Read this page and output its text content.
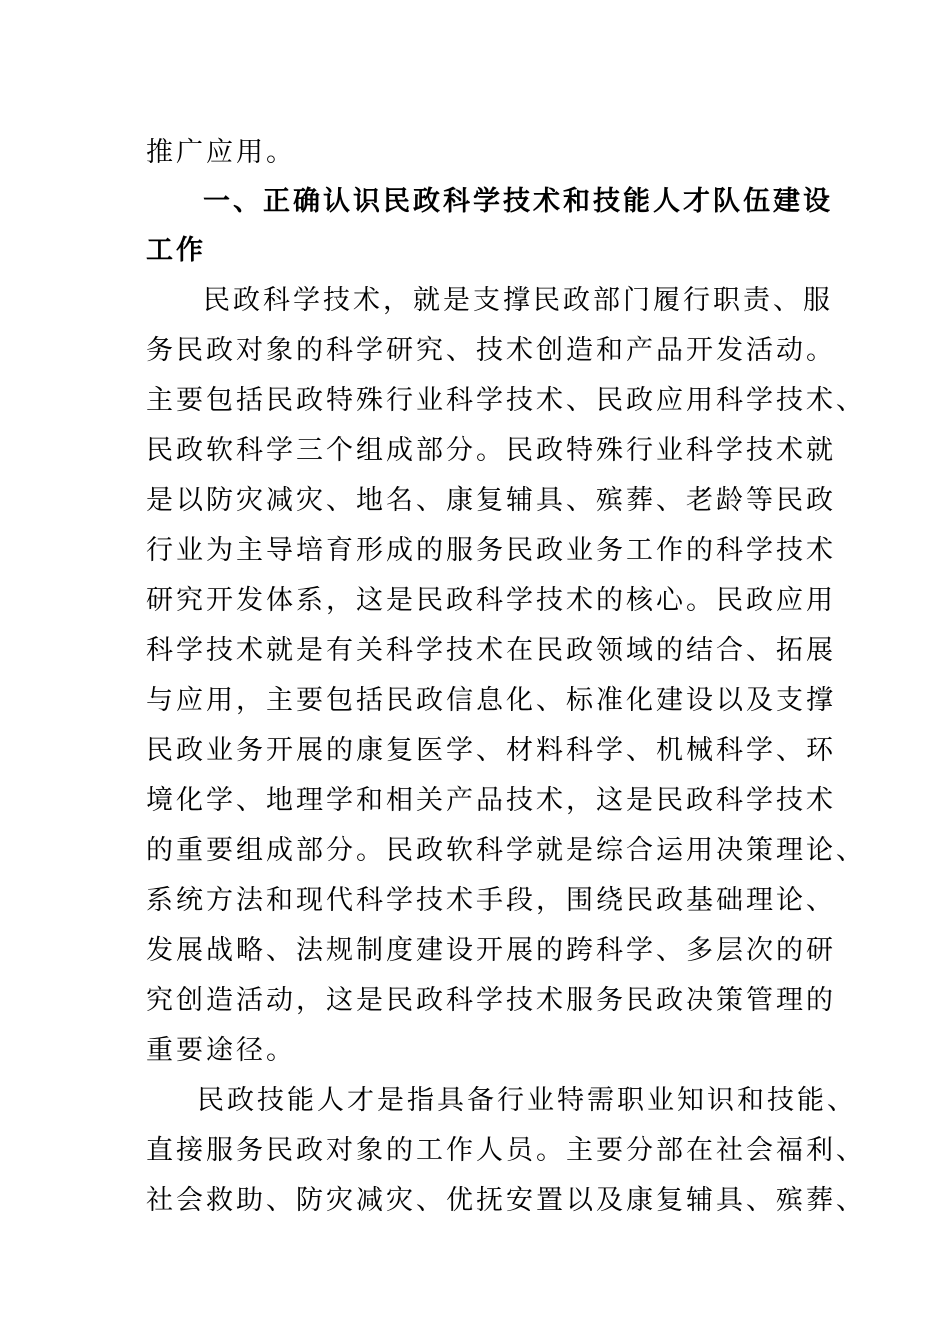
推广应用。

一、正确认识民政科学技术和技能人才队伍建设

工作

民政科学技术，就是支撑民政部门履行职责、服

务民政对象的科学研究、技术创造和产品开发活动。

主要包括民政特殊行业科学技术、民政应用科学技术、

民政软科学三个组成部分。民政特殊行业科学技术就

是以防灾减灾、地名、康复辅具、殡葬、老龄等民政

行业为主导培育形成的服务民政业务工作的科学技术

研究开发体系，这是民政科学技术的核心。民政应用

科学技术就是有关科学技术在民政领域的结合、拓展

与应用，主要包括民政信息化、标准化建设以及支撑

民政业务开展的康复医学、材料科学、机械科学、环

境化学、地理学和相关产品技术，这是民政科学技术

的重要组成部分。民政软科学就是综合运用决策理论、

系统方法和现代科学技术手段，围绕民政基础理论、

发展战略、法规制度建设开展的跨科学、多层次的研

究创造活动，这是民政科学技术服务民政决策管理的

重要途径。

民政技能人才是指具备行业特需职业知识和技能、

直接服务民政对象的工作人员。主要分部在社会福利、

社会救助、防灾减灾、优抚安置以及康复辅具、殡葬、
